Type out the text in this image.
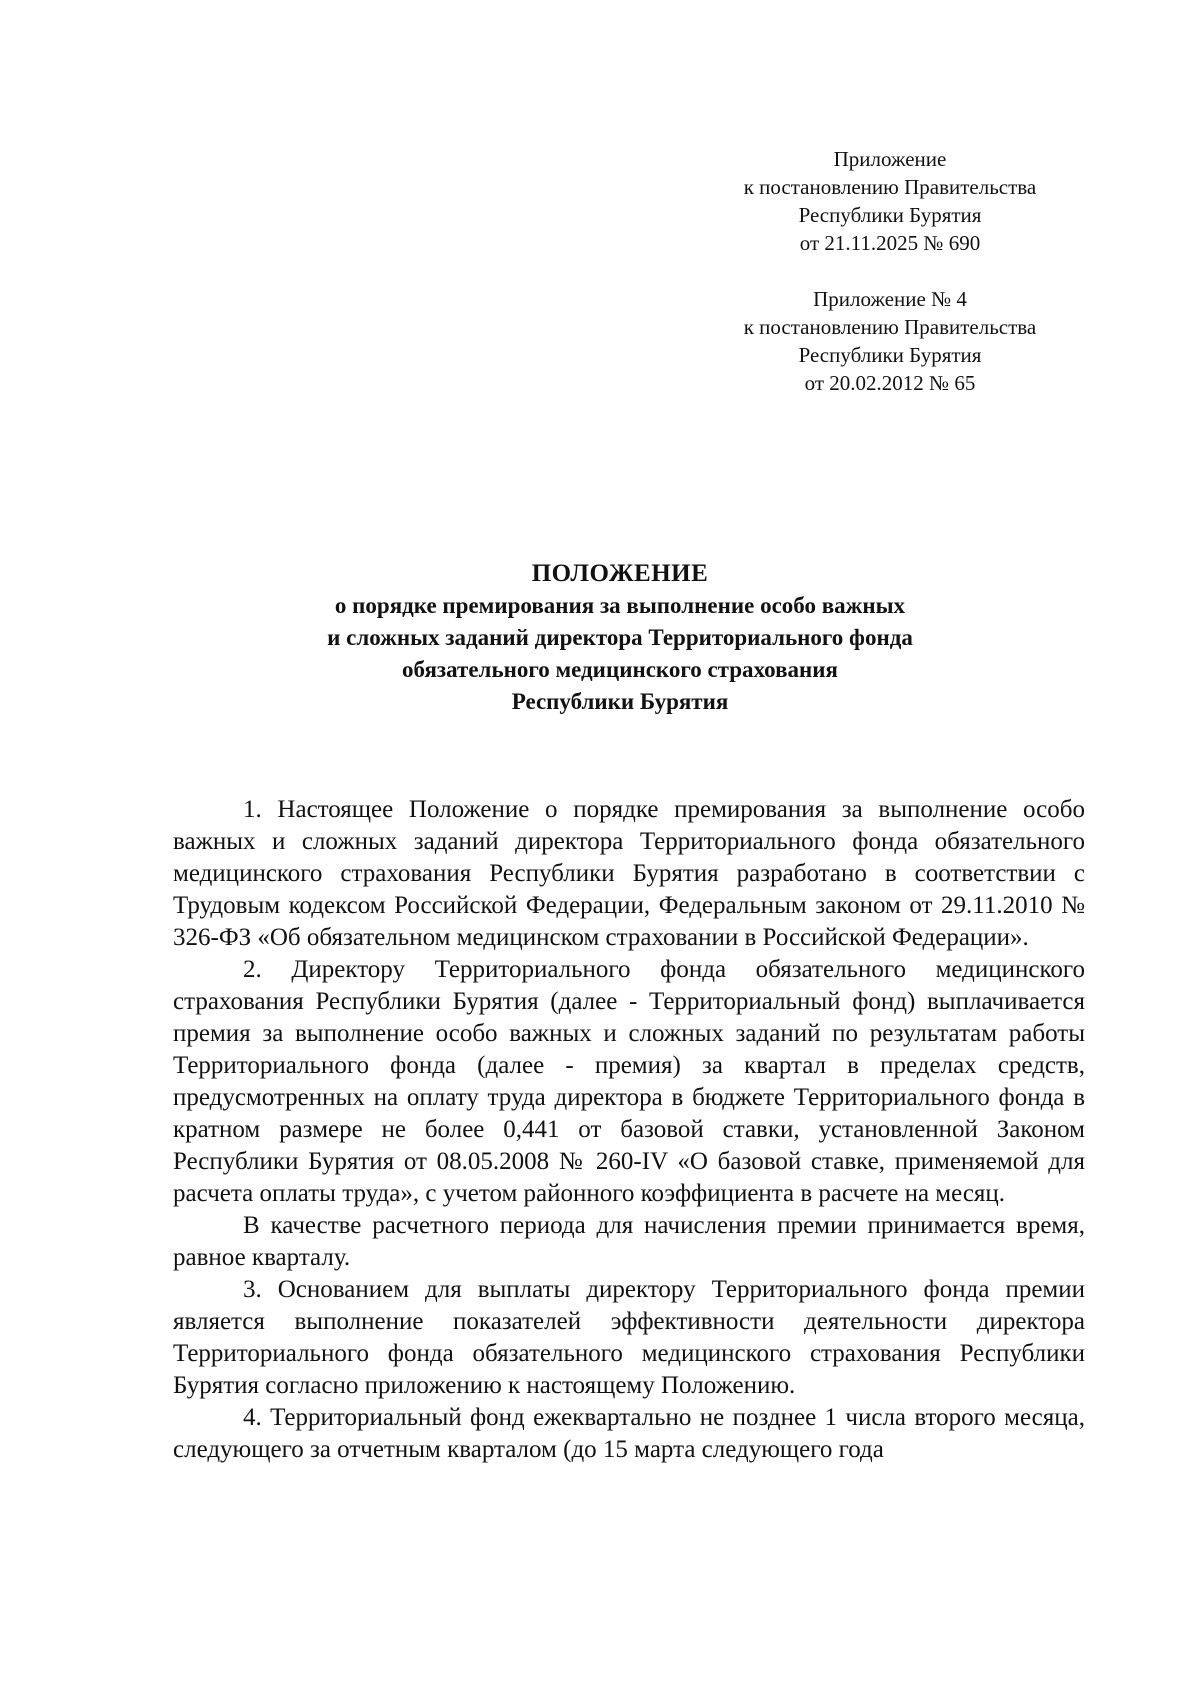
Приложение
к постановлению Правительства
Республики Бурятия
от 21.11.2025 № 690
Приложение № 4
к постановлению Правительства
Республики Бурятия
от 20.02.2012 № 65
ПОЛОЖЕНИЕ
о порядке премирования за выполнение особо важных
и сложных заданий директора Территориального фонда
обязательного медицинского страхования
Республики Бурятия

1. Настоящее Положение о порядке премирования за выполнение особо важных и сложных заданий директора Территориального фонда обязательного медицинского страхования Республики Бурятия разработано в соответствии с Трудовым кодексом Российской Федерации, Федеральным законом от 29.11.2010 № 326-ФЗ «Об обязательном медицинском страховании в Российской Федерации».

2. Директору Территориального фонда обязательного медицинского страхования Республики Бурятия (далее - Территориальный фонд) выплачивается премия за выполнение особо важных и сложных заданий по результатам работы Территориального фонда (далее - премия) за квартал в пределах средств, предусмотренных на оплату труда директора в бюджете Территориального фонда в кратном размере не более 0,441 от базовой ставки, установленной Законом Республики Бурятия от 08.05.2008 № 260-IV «О базовой ставке, применяемой для расчета оплаты труда», с учетом районного коэффициента в расчете на месяц.

В качестве расчетного периода для начисления премии принимается время, равное кварталу.

3. Основанием для выплаты директору Территориального фонда премии является выполнение показателей эффективности деятельности директора Территориального фонда обязательного медицинского страхования Республики Бурятия согласно приложению к настоящему Положению.

4. Территориальный фонд ежеквартально не позднее 1 числа второго месяца, следующего за отчетным кварталом (до 15 марта следующего года
